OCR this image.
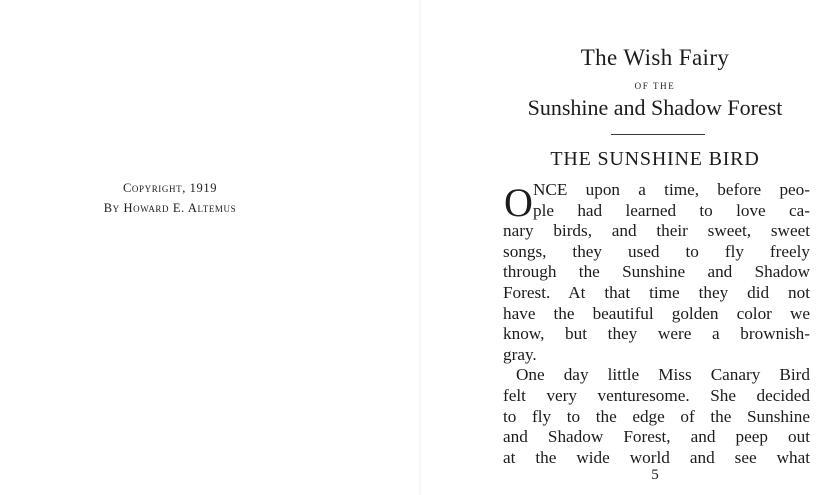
Copyright, 1919
By Howard E. Altemus
The Wish Fairy
OF THE
Sunshine and Shadow Forest
THE SUNSHINE BIRD
O NCE upon a time, before peo-
ple had learned to love ca-
nary birds, and their sweet, sweet
songs, they used to fly freely
through the Sunshine and Shadow
Forest. At that time they did not
have the beautiful golden color we
know, but they were a brownish-
gray.
One day little Miss Canary Bird
felt very venturesome. She decided
to fly to the edge of the Sunshine
and Shadow Forest, and peep out
at the wide world and see what
5
